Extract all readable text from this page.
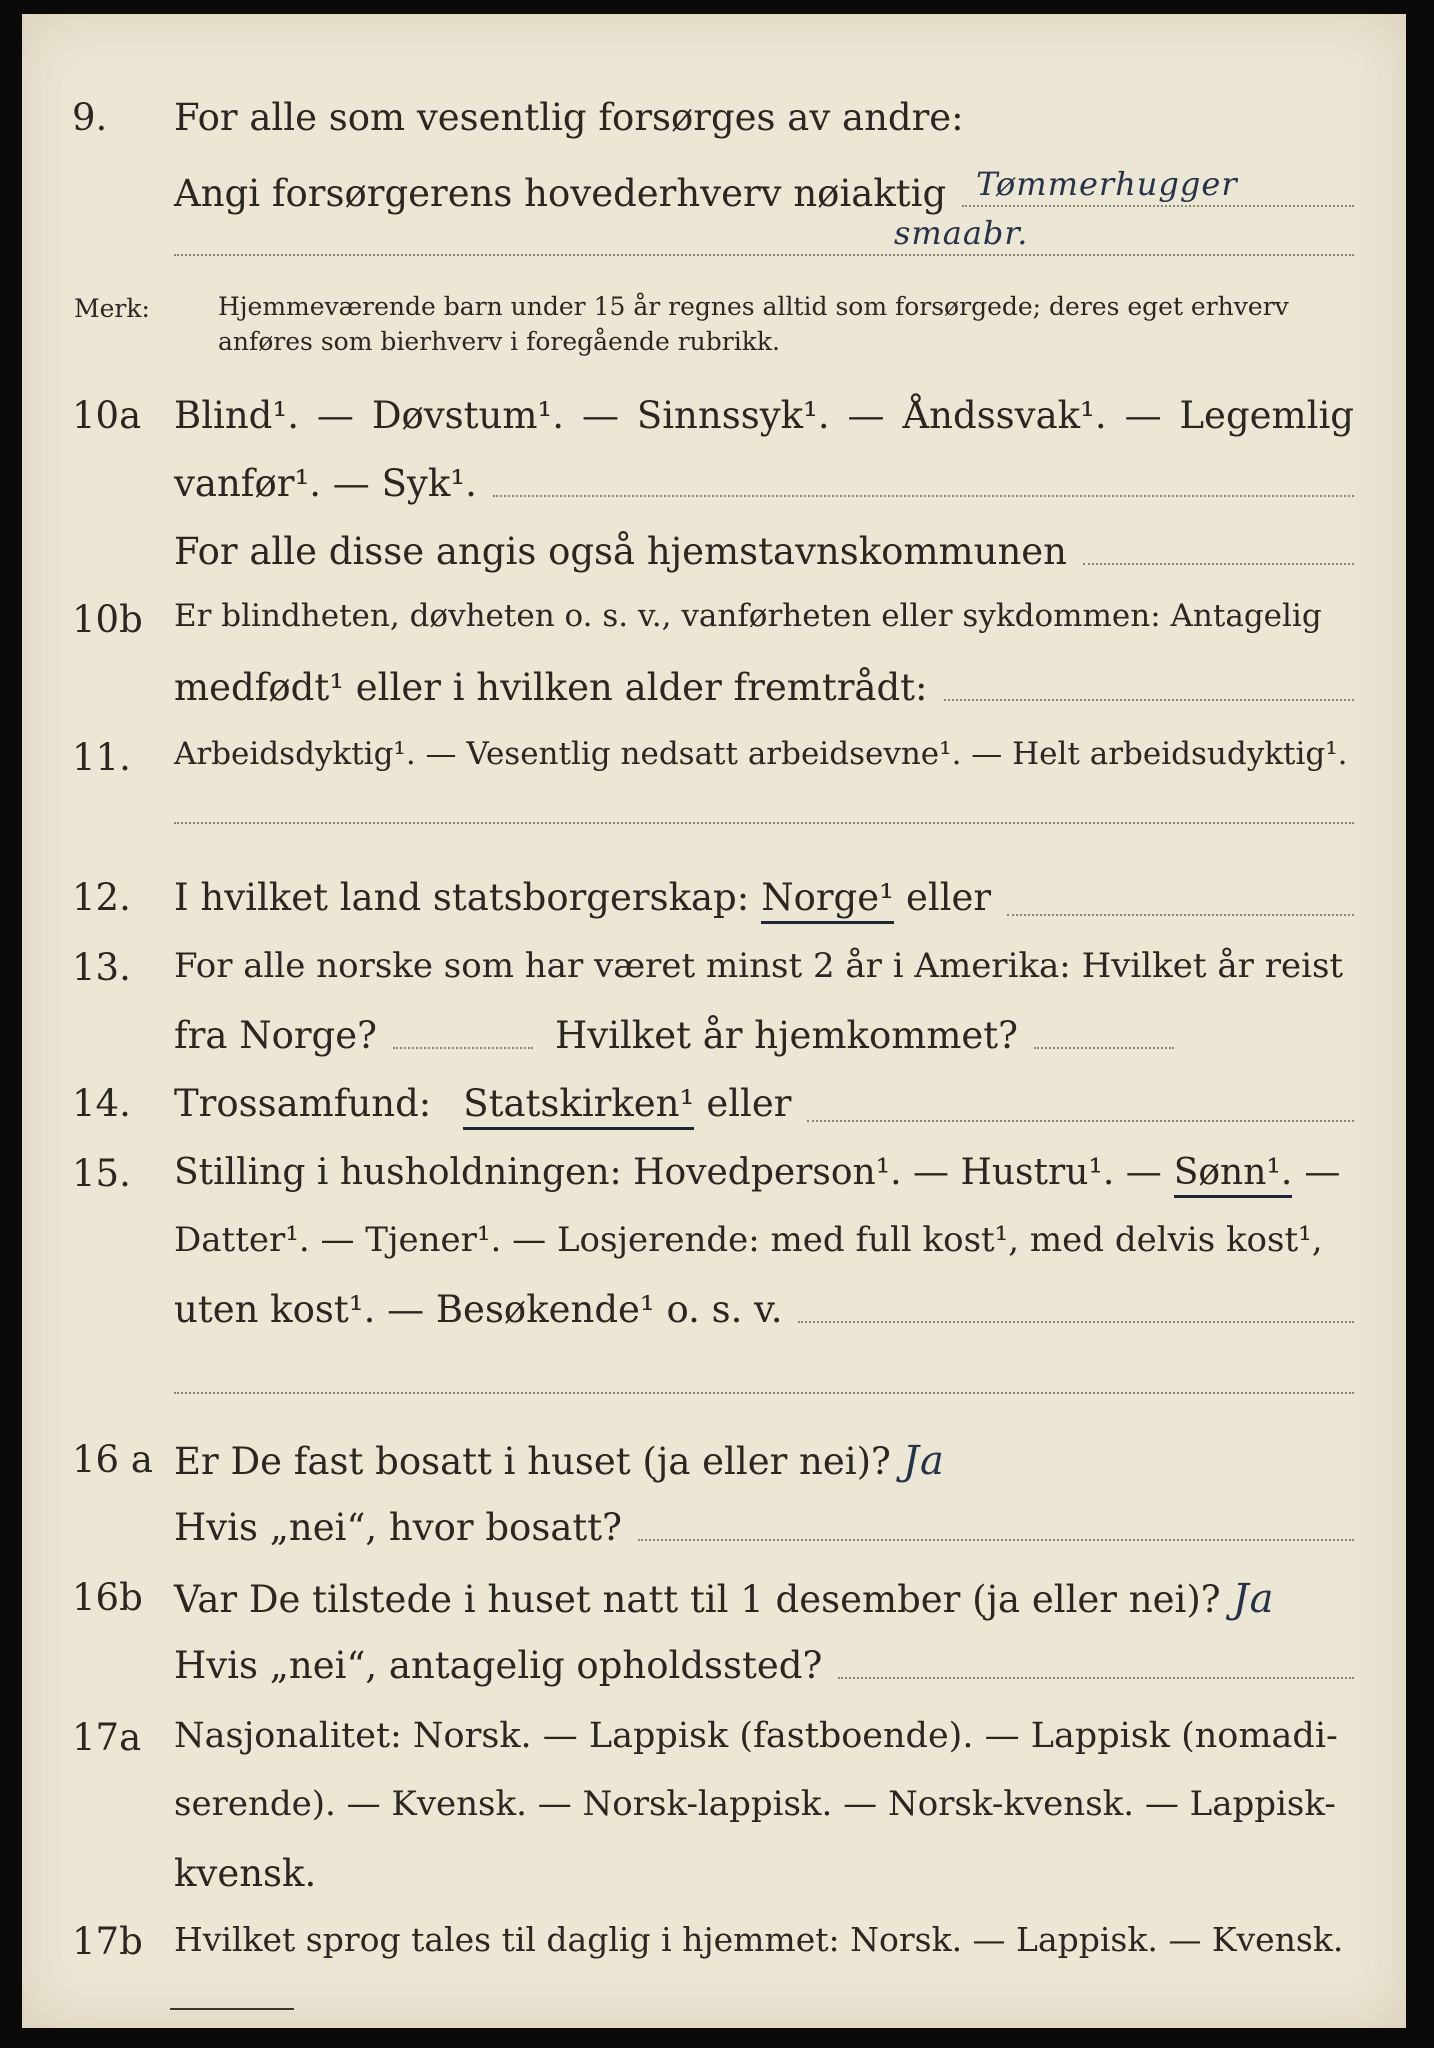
9. For alle som vesentlig forsørges av andre:
Angi forsørgerens hovederhverv nøiaktig Tømmerhugger
smaabr.
Merk:	Hjemmeværende barn under 15 år regnes alltid som forsørgede; deres eget erhverv
anføres som bierhverv i foregående rubrikk.
10a Blind¹. — Døvstum¹. — Sinnssyk¹. — Åndssvak¹. — Legemlig
vanfør¹. — Syk¹.
For alle disse angis også hjemstavnskommunen
10b Er blindheten, døvheten o. s. v., vanførheten eller sykdommen: Antagelig
medfødt¹ eller i hvilken alder fremtrådt:
11. Arbeidsdyktig¹. — Vesentlig nedsatt arbeidsevne¹. — Helt arbeidsudyktig¹.
12. I hvilket land statsborgerskap: Norge¹ eller
13. For alle norske som har været minst 2 år i Amerika: Hvilket år reist
fra Norge?	Hvilket år hjemkommet?
14. Trossamfund: Statskirken¹ eller
15. Stilling i husholdningen: Hovedperson¹. — Hustru¹. — Sønn¹. —
Datter¹. — Tjener¹. — Losjerende: med full kost¹, med delvis kost¹,
uten kost¹. — Besøkende¹ o. s. v.
16 a Er De fast bosatt i huset (ja eller nei)? Ja
Hvis „nei“, hvor bosatt?
16b Var De tilstede i huset natt til 1 desember (ja eller nei)? Ja
Hvis „nei“, antagelig opholdssted?
17a Nasjonalitet: Norsk. — Lappisk (fastboende). — Lappisk (nomadi-
serende). — Kvensk. — Norsk-lappisk. — Norsk-kvensk. — Lappisk-
kvensk.
17b Hvilket sprog tales til daglig i hjemmet: Norsk. — Lappisk. — Kvensk.
